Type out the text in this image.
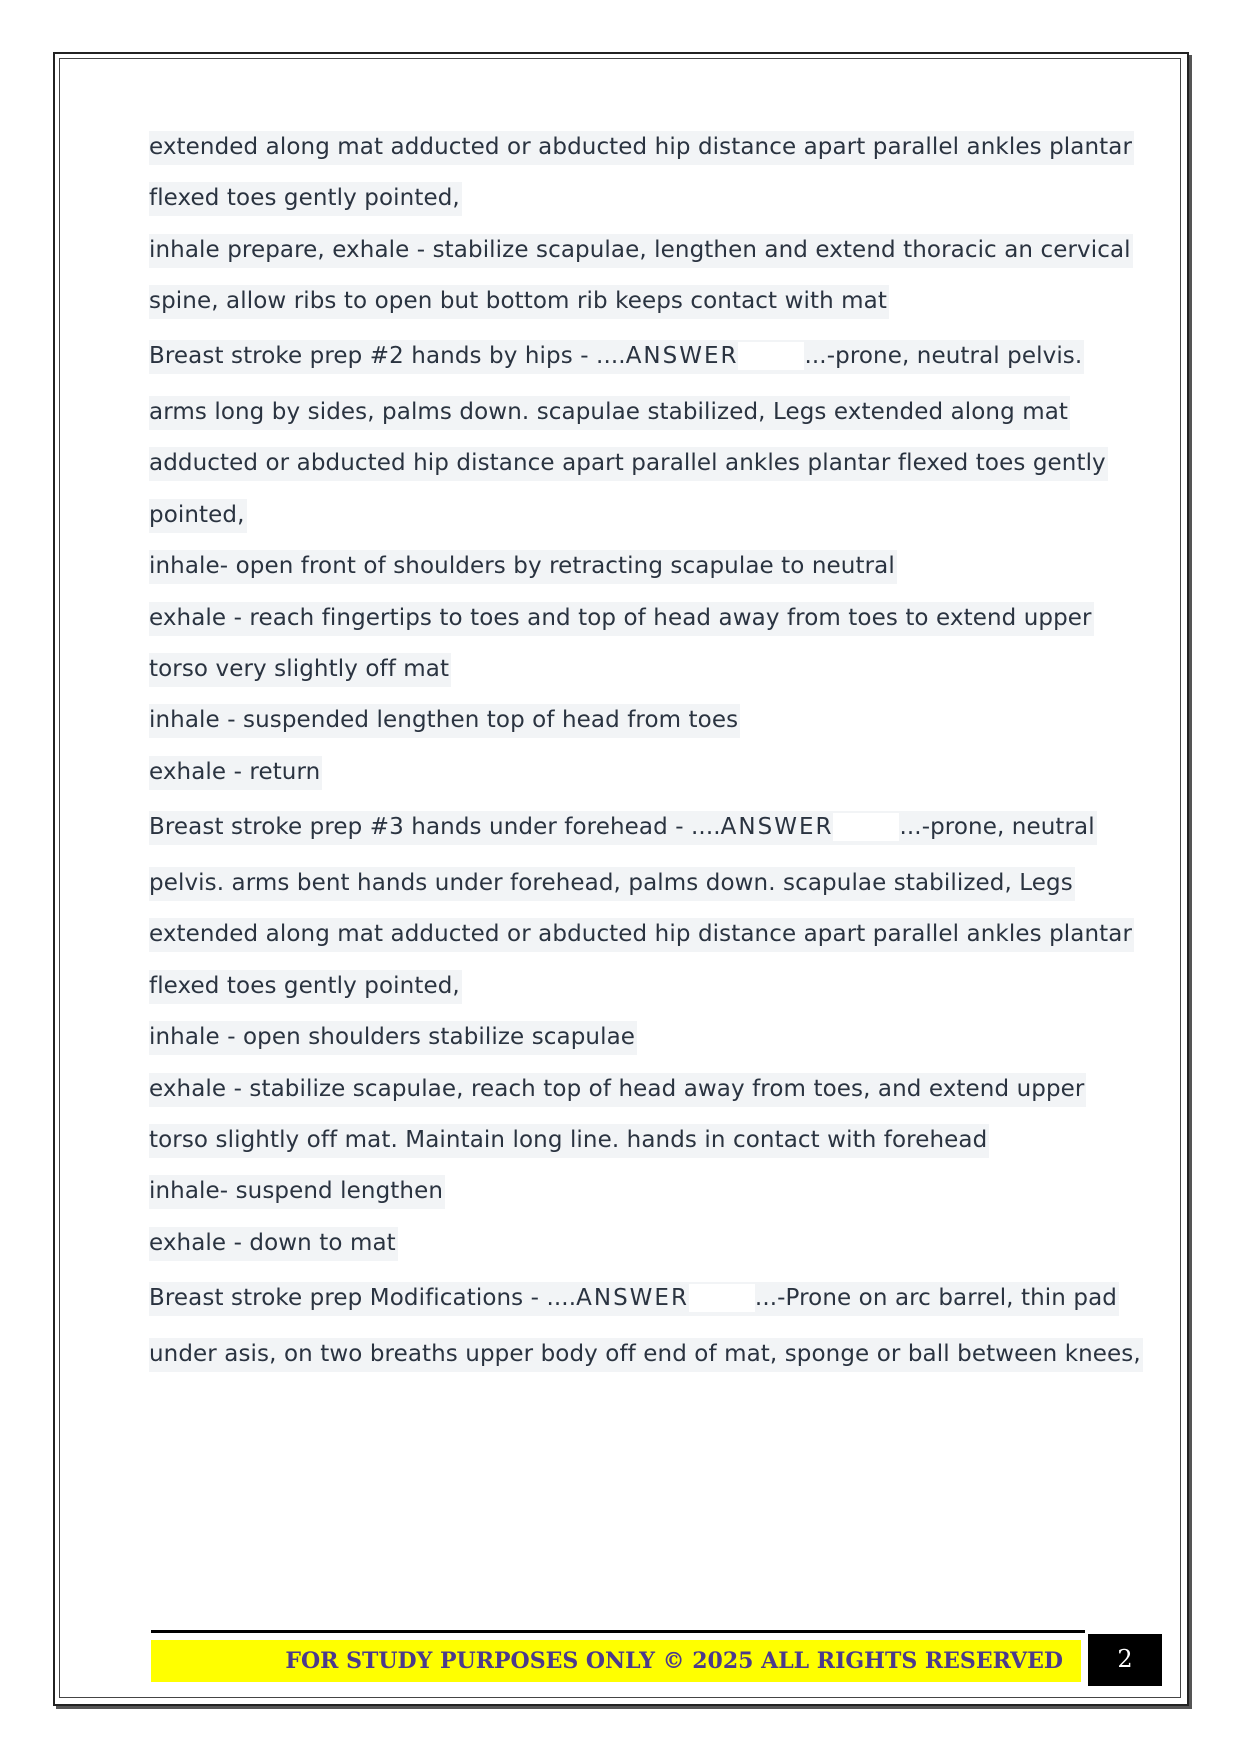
extended along mat adducted or abducted hip distance apart parallel ankles plantar
flexed toes gently pointed,
inhale prepare, exhale - stabilize scapulae, lengthen and extend thoracic an cervical
spine, allow ribs to open but bottom rib keeps contact with mat
Breast stroke prep #2 hands by hips - ....ANSWER	...-prone, neutral pelvis.
arms long by sides, palms down. scapulae stabilized, Legs extended along mat
adducted or abducted hip distance apart parallel ankles plantar flexed toes gently
pointed,
inhale- open front of shoulders by retracting scapulae to neutral
exhale - reach fingertips to toes and top of head away from toes to extend upper
torso very slightly off mat
inhale - suspended lengthen top of head from toes
exhale - return
Breast stroke prep #3 hands under forehead - ....ANSWER	...-prone, neutral
pelvis. arms bent hands under forehead, palms down. scapulae stabilized, Legs
extended along mat adducted or abducted hip distance apart parallel ankles plantar
flexed toes gently pointed,
inhale - open shoulders stabilize scapulae
exhale - stabilize scapulae, reach top of head away from toes, and extend upper
torso slightly off mat. Maintain long line. hands in contact with forehead
inhale- suspend lengthen
exhale - down to mat
Breast stroke prep Modifications - ....ANSWER	...-Prone on arc barrel, thin pad
under asis, on two breaths upper body off end of mat, sponge or ball between knees,
FOR STUDY PURPOSES ONLY © 2025 ALL RIGHTS RESERVED	2
